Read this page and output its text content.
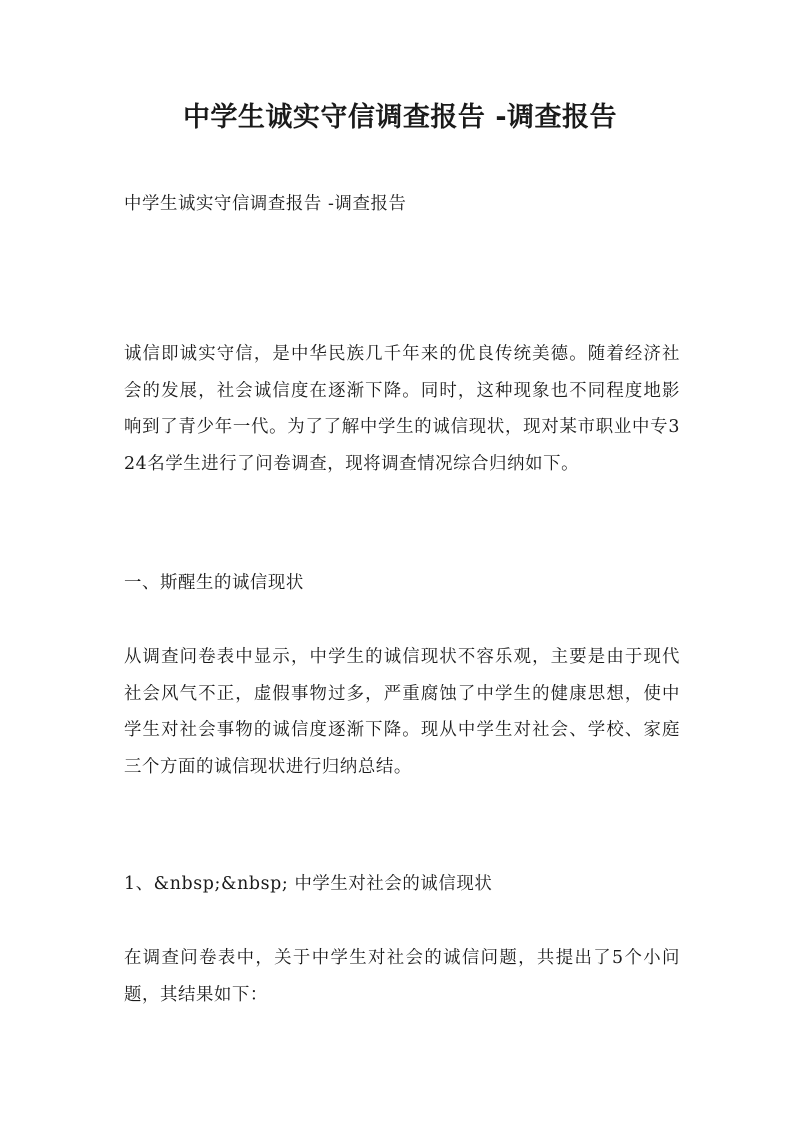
中学生诚实守信调查报告 -调查报告

中学生诚实守信调查报告 -调查报告

诚信即诚实守信，是中华民族几千年来的优良传统美德。随着经济社会的发展，社会诚信度在逐渐下降。同时，这种现象也不同程度地影响到了青少年一代。为了了解中学生的诚信现状，现对某市职业中专324名学生进行了问卷调查，现将调查情况综合归纳如下。

一、斯醒生的诚信现状

从调查问卷表中显示，中学生的诚信现状不容乐观，主要是由于现代社会风气不正，虚假事物过多，严重腐蚀了中学生的健康思想，使中学生对社会事物的诚信度逐渐下降。现从中学生对社会、学校、家庭三个方面的诚信现状进行归纳总结。

1、&nbsp;&nbsp; 中学生对社会的诚信现状

在调查问卷表中，关于中学生对社会的诚信问题，共提出了5个小问题，其结果如下：
